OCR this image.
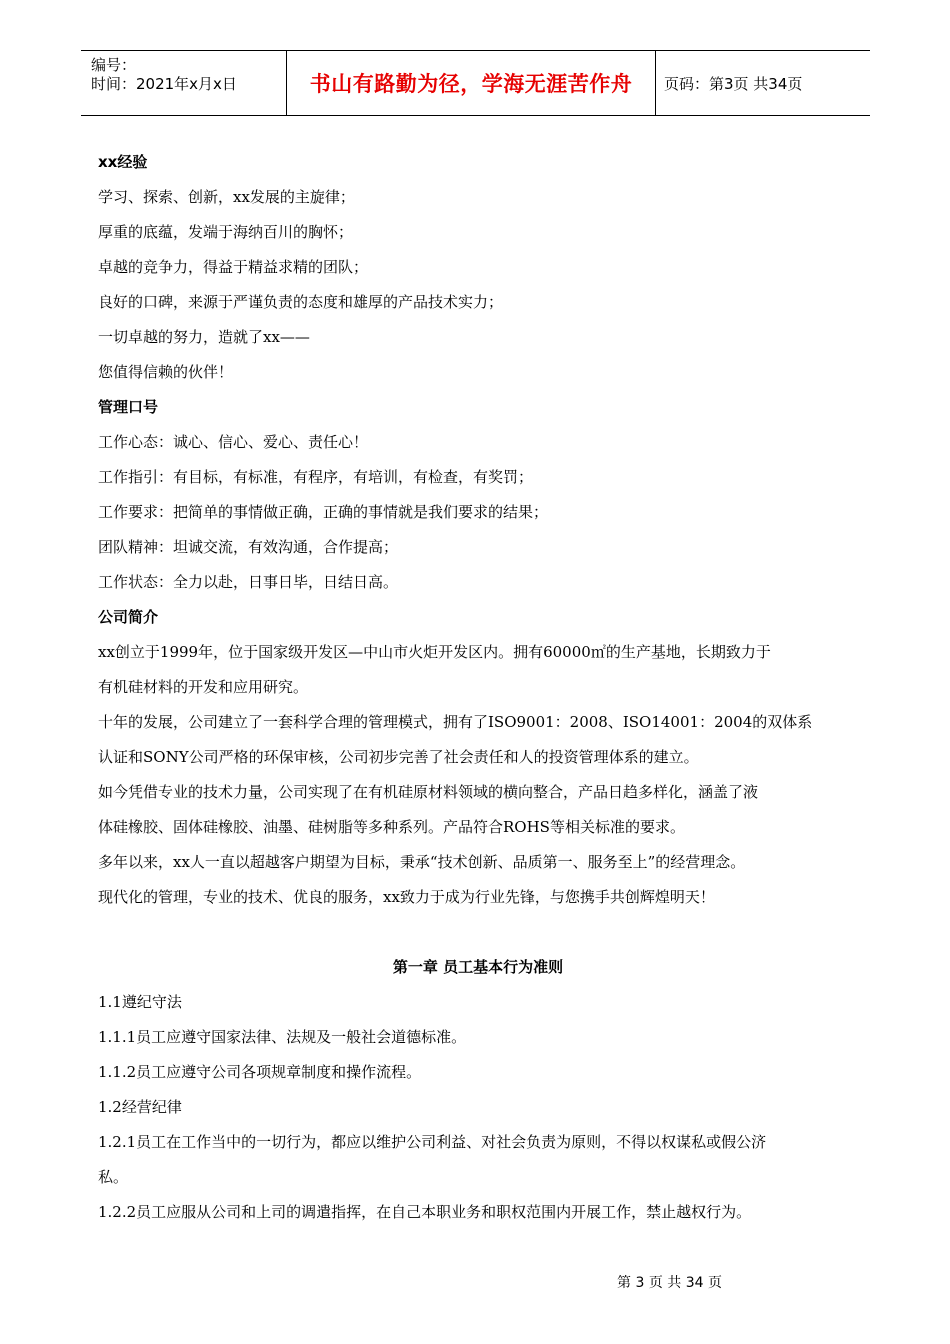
编号：
时间：2021年x月x日	书山有路勤为径，学海无涯苦作舟	页码：第3页 共34页
xx经验
学习、探索、创新，xx发展的主旋律；
厚重的底蕴，发端于海纳百川的胸怀；
卓越的竞争力，得益于精益求精的团队；
良好的口碑，来源于严谨负责的态度和雄厚的产品技术实力；
一切卓越的努力，造就了xx——
您值得信赖的伙伴！
管理口号
工作心态：诚心、信心、爱心、责任心！
工作指引：有目标，有标准，有程序，有培训，有检查，有奖罚；
工作要求：把简单的事情做正确，正确的事情就是我们要求的结果；
团队精神：坦诚交流，有效沟通，合作提高；
工作状态：全力以赴，日事日毕，日结日高。
公司简介
xx创立于1999年，位于国家级开发区—中山市火炬开发区内。拥有60000㎡的生产基地，长期致力于
有机硅材料的开发和应用研究。
十年的发展，公司建立了一套科学合理的管理模式，拥有了ISO9001：2008、ISO14001：2004的双体系
认证和SONY公司严格的环保审核，公司初步完善了社会责任和人的投资管理体系的建立。
如今凭借专业的技术力量，公司实现了在有机硅原材料领域的横向整合，产品日趋多样化，涵盖了液
体硅橡胶、固体硅橡胶、油墨、硅树脂等多种系列。产品符合ROHS等相关标准的要求。
多年以来，xx人一直以超越客户期望为目标，秉承“技术创新、品质第一、服务至上”的经营理念。
现代化的管理，专业的技术、优良的服务，xx致力于成为行业先锋，与您携手共创辉煌明天！
第一章 员工基本行为准则
1.1遵纪守法
1.1.1员工应遵守国家法律、法规及一般社会道德标准。
1.1.2员工应遵守公司各项规章制度和操作流程。
1.2经营纪律
1.2.1员工在工作当中的一切行为，都应以维护公司利益、对社会负责为原则，不得以权谋私或假公济
私。
1.2.2员工应服从公司和上司的调遣指挥，在自己本职业务和职权范围内开展工作，禁止越权行为。
第 3 页 共 34 页
